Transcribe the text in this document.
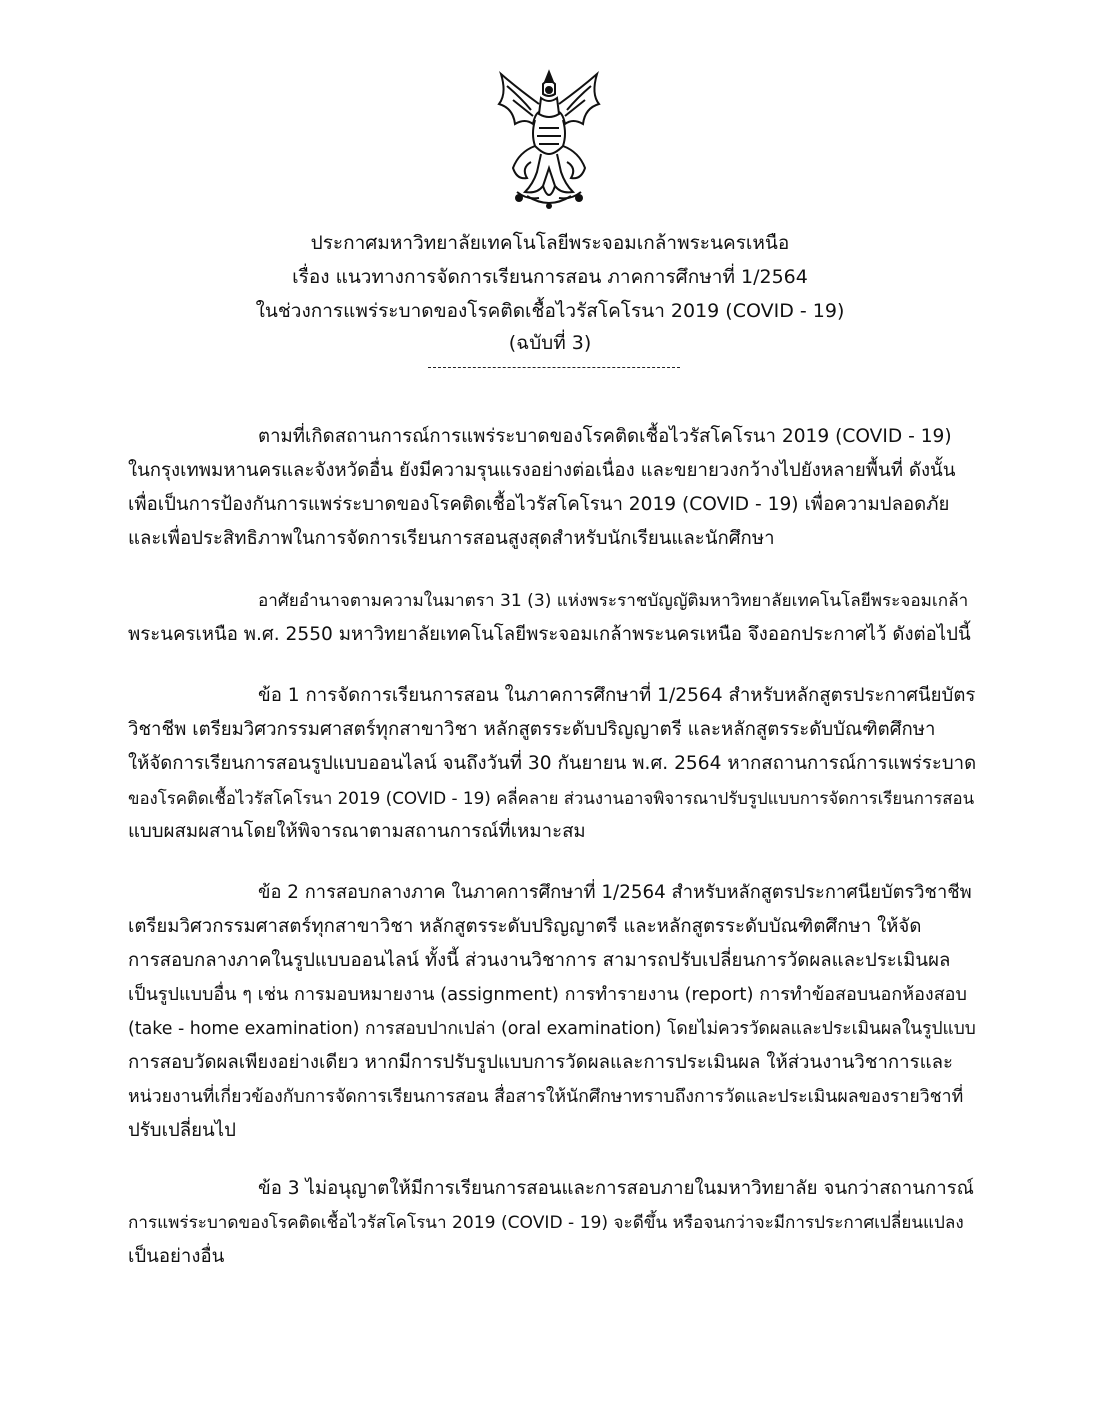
ประกาศมหาวิทยาลัยเทคโนโลยีพระจอมเกล้าพระนครเหนือ
เรื่อง แนวทางการจัดการเรียนการสอน ภาคการศึกษาที่ 1/2564
ในช่วงการแพร่ระบาดของโรคติดเชื้อไวรัสโคโรนา 2019 (COVID - 19)
(ฉบับที่ 3)
ตามที่เกิดสถานการณ์การแพร่ระบาดของโรคติดเชื้อไวรัสโคโรนา 2019 (COVID - 19)
ในกรุงเทพมหานครและจังหวัดอื่น ยังมีความรุนแรงอย่างต่อเนื่อง และขยายวงกว้างไปยังหลายพื้นที่ ดังนั้น
เพื่อเป็นการป้องกันการแพร่ระบาดของโรคติดเชื้อไวรัสโคโรนา 2019 (COVID - 19) เพื่อความปลอดภัย
และเพื่อประสิทธิภาพในการจัดการเรียนการสอนสูงสุดสำหรับนักเรียนและนักศึกษา
อาศัยอำนาจตามความในมาตรา 31 (3) แห่งพระราชบัญญัติมหาวิทยาลัยเทคโนโลยีพระจอมเกล้า
พระนครเหนือ พ.ศ. 2550 มหาวิทยาลัยเทคโนโลยีพระจอมเกล้าพระนครเหนือ จึงออกประกาศไว้ ดังต่อไปนี้
ข้อ 1 การจัดการเรียนการสอน ในภาคการศึกษาที่ 1/2564 สำหรับหลักสูตรประกาศนียบัตร
วิชาชีพ เตรียมวิศวกรรมศาสตร์ทุกสาขาวิชา หลักสูตรระดับปริญญาตรี และหลักสูตรระดับบัณฑิตศึกษา
ให้จัดการเรียนการสอนรูปแบบออนไลน์ จนถึงวันที่ 30 กันยายน พ.ศ. 2564 หากสถานการณ์การแพร่ระบาด
ของโรคติดเชื้อไวรัสโคโรนา 2019 (COVID - 19) คลี่คลาย ส่วนงานอาจพิจารณาปรับรูปแบบการจัดการเรียนการสอน
แบบผสมผสานโดยให้พิจารณาตามสถานการณ์ที่เหมาะสม
ข้อ 2 การสอบกลางภาค ในภาคการศึกษาที่ 1/2564 สำหรับหลักสูตรประกาศนียบัตรวิชาชีพ
เตรียมวิศวกรรมศาสตร์ทุกสาขาวิชา หลักสูตรระดับปริญญาตรี และหลักสูตรระดับบัณฑิตศึกษา ให้จัด
การสอบกลางภาคในรูปแบบออนไลน์ ทั้งนี้ ส่วนงานวิชาการ สามารถปรับเปลี่ยนการวัดผลและประเมินผล
เป็นรูปแบบอื่น ๆ เช่น การมอบหมายงาน (assignment) การทำรายงาน (report) การทำข้อสอบนอกห้องสอบ
(take - home examination) การสอบปากเปล่า (oral examination) โดยไม่ควรวัดผลและประเมินผลในรูปแบบ
การสอบวัดผลเพียงอย่างเดียว หากมีการปรับรูปแบบการวัดผลและการประเมินผล ให้ส่วนงานวิชาการและ
หน่วยงานที่เกี่ยวข้องกับการจัดการเรียนการสอน สื่อสารให้นักศึกษาทราบถึงการวัดและประเมินผลของรายวิชาที่
ปรับเปลี่ยนไป
ข้อ 3 ไม่อนุญาตให้มีการเรียนการสอนและการสอบภายในมหาวิทยาลัย จนกว่าสถานการณ์
การแพร่ระบาดของโรคติดเชื้อไวรัสโคโรนา 2019 (COVID - 19) จะดีขึ้น หรือจนกว่าจะมีการประกาศเปลี่ยนแปลง
เป็นอย่างอื่น
